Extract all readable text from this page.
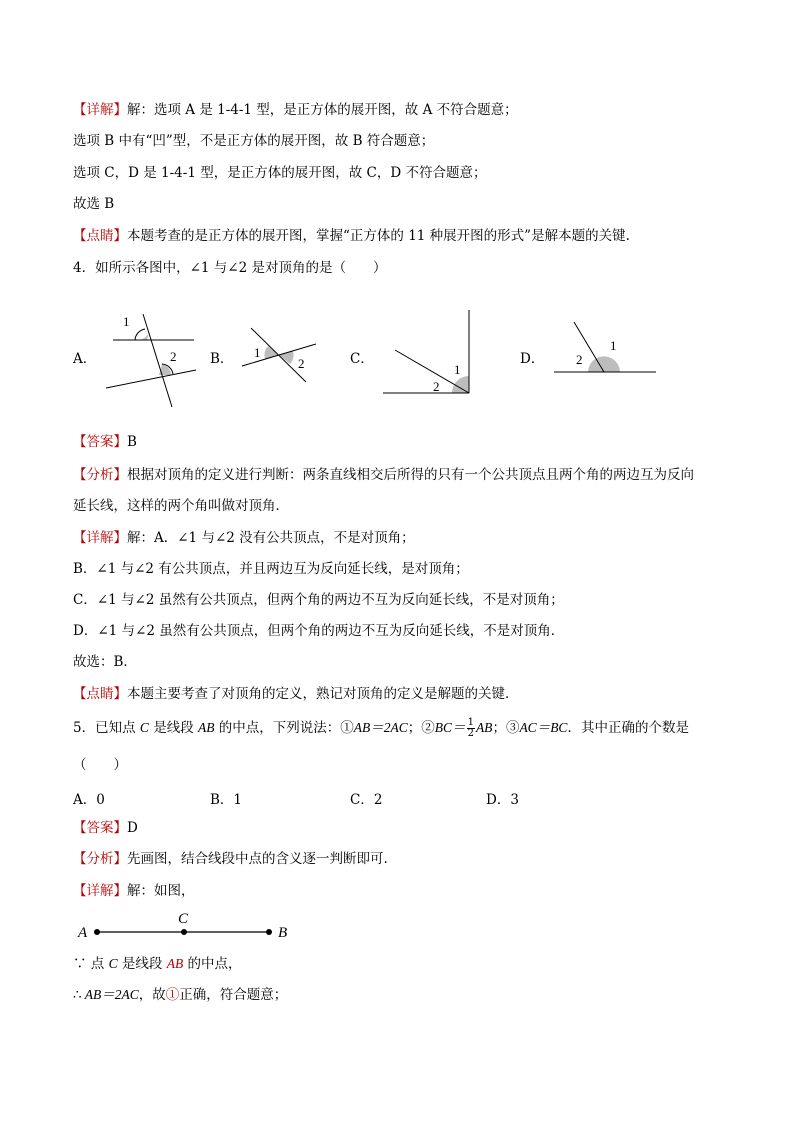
【详解】解：选项 A 是 1-4-1 型，是正方体的展开图，故 A 不符合题意；
选项 B 中有“凹”型，不是正方体的展开图，故 B 符合题意；
选项 C，D 是 1-4-1 型，是正方体的展开图，故 C，D 不符合题意；
故选 B
【点睛】本题考查的是正方体的展开图，掌握“正方体的 11 种展开图的形式”是解本题的关键.
4．如所示各图中，∠1 与∠2 是对顶角的是（　　）
A．	B．	C．	D．
1
2	1
2	1
2
1
2
【答案】B
【分析】根据对顶角的定义进行判断：两条直线相交后所得的只有一个公共顶点且两个角的两边互为反向
延长线，这样的两个角叫做对顶角．
【详解】解：A．∠1 与∠2 没有公共顶点，不是对顶角；
B．∠1 与∠2 有公共顶点，并且两边互为反向延长线，是对顶角；
C．∠1 与∠2 虽然有公共顶点，但两个角的两边不互为反向延长线，不是对顶角；
D．∠1 与∠2 虽然有公共顶点，但两个角的两边不互为反向延长线，不是对顶角．
故选：B．
【点睛】本题主要考查了对顶角的定义，熟记对顶角的定义是解题的关键．
5．已知点 C 是线段 AB 的中点，下列说法：①AB＝2AC；②BC＝ $\frac{1}{2}$ AB；③AC＝BC．其中正确的个数是
（　　）
A．0	B．1	C．2	D．3
【答案】D
【分析】先画图，结合线段中点的含义逐一判断即可.
【详解】解：如图，
A
C
B
∵ 点 C 是线段 AB 的中点，
∴ AB＝2AC，故①正确，符合题意；
